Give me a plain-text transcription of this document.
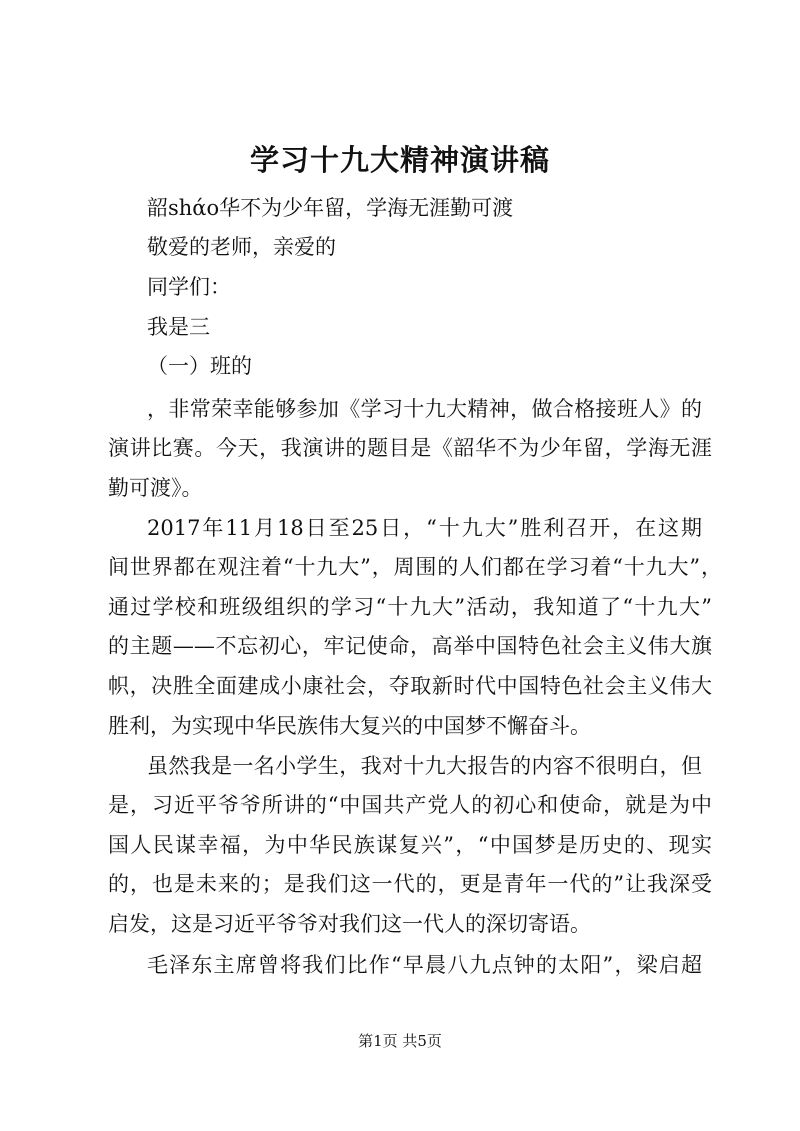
学习十九大精神演讲稿
韶shάo华不为少年留，学海无涯勤可渡
敬爱的老师，亲爱的
同学们：
我是三
（一）班的
，非常荣幸能够参加《学习十九大精神，做合格接班人》的
演讲比赛。今天，我演讲的题目是《韶华不为少年留，学海无涯
勤可渡》。
2017年11月18日至25日，“十九大”胜利召开，在这期
间世界都在观注着“十九大”，周围的人们都在学习着“十九大”，
通过学校和班级组织的学习“十九大”活动，我知道了“十九大”
的主题——不忘初心，牢记使命，高举中国特色社会主义伟大旗
帜，决胜全面建成小康社会，夺取新时代中国特色社会主义伟大
胜利，为实现中华民族伟大复兴的中国梦不懈奋斗。
虽然我是一名小学生，我对十九大报告的内容不很明白，但
是，习近平爷爷所讲的“中国共产党人的初心和使命，就是为中
国人民谋幸福，为中华民族谋复兴”，“中国梦是历史的、现实
的，也是未来的；是我们这一代的，更是青年一代的”让我深受
启发，这是习近平爷爷对我们这一代人的深切寄语。
毛泽东主席曾将我们比作“早晨八九点钟的太阳”，梁启超
第1页 共5页
